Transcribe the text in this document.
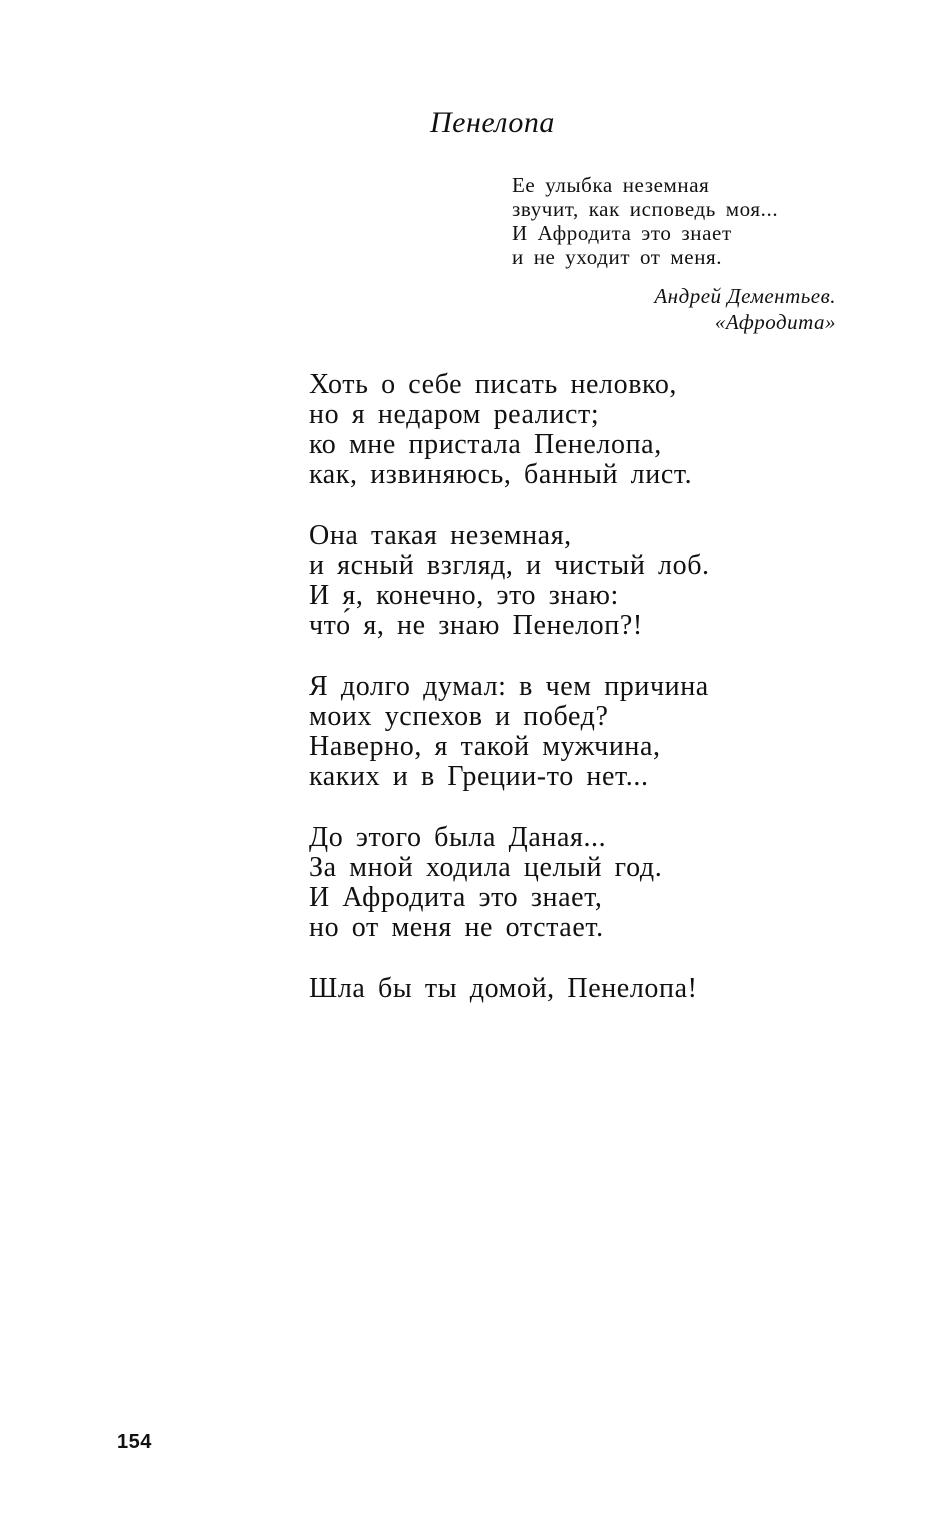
Пенелопа
Ее улыбка неземная
звучит, как исповедь моя...
И Афродита это знает
и не уходит от меня.
Андрей Дементьев.
«Афродита»
Хоть о себе писать неловко,
но я недаром реалист;
ко мне пристала Пенелопа,
как, извиняюсь, банный лист.
Она такая неземная,
и ясный взгляд, и чистый лоб.
И я, конечно, это знаю:
что́ я, не знаю Пенелоп?!
Я долго думал: в чем причина
моих успехов и побед?
Наверно, я такой мужчина,
каких и в Греции-то нет...
До этого была Даная...
За мной ходила целый год.
И Афродита это знает,
но от меня не отстает.
Шла бы ты домой, Пенелопа!
154
